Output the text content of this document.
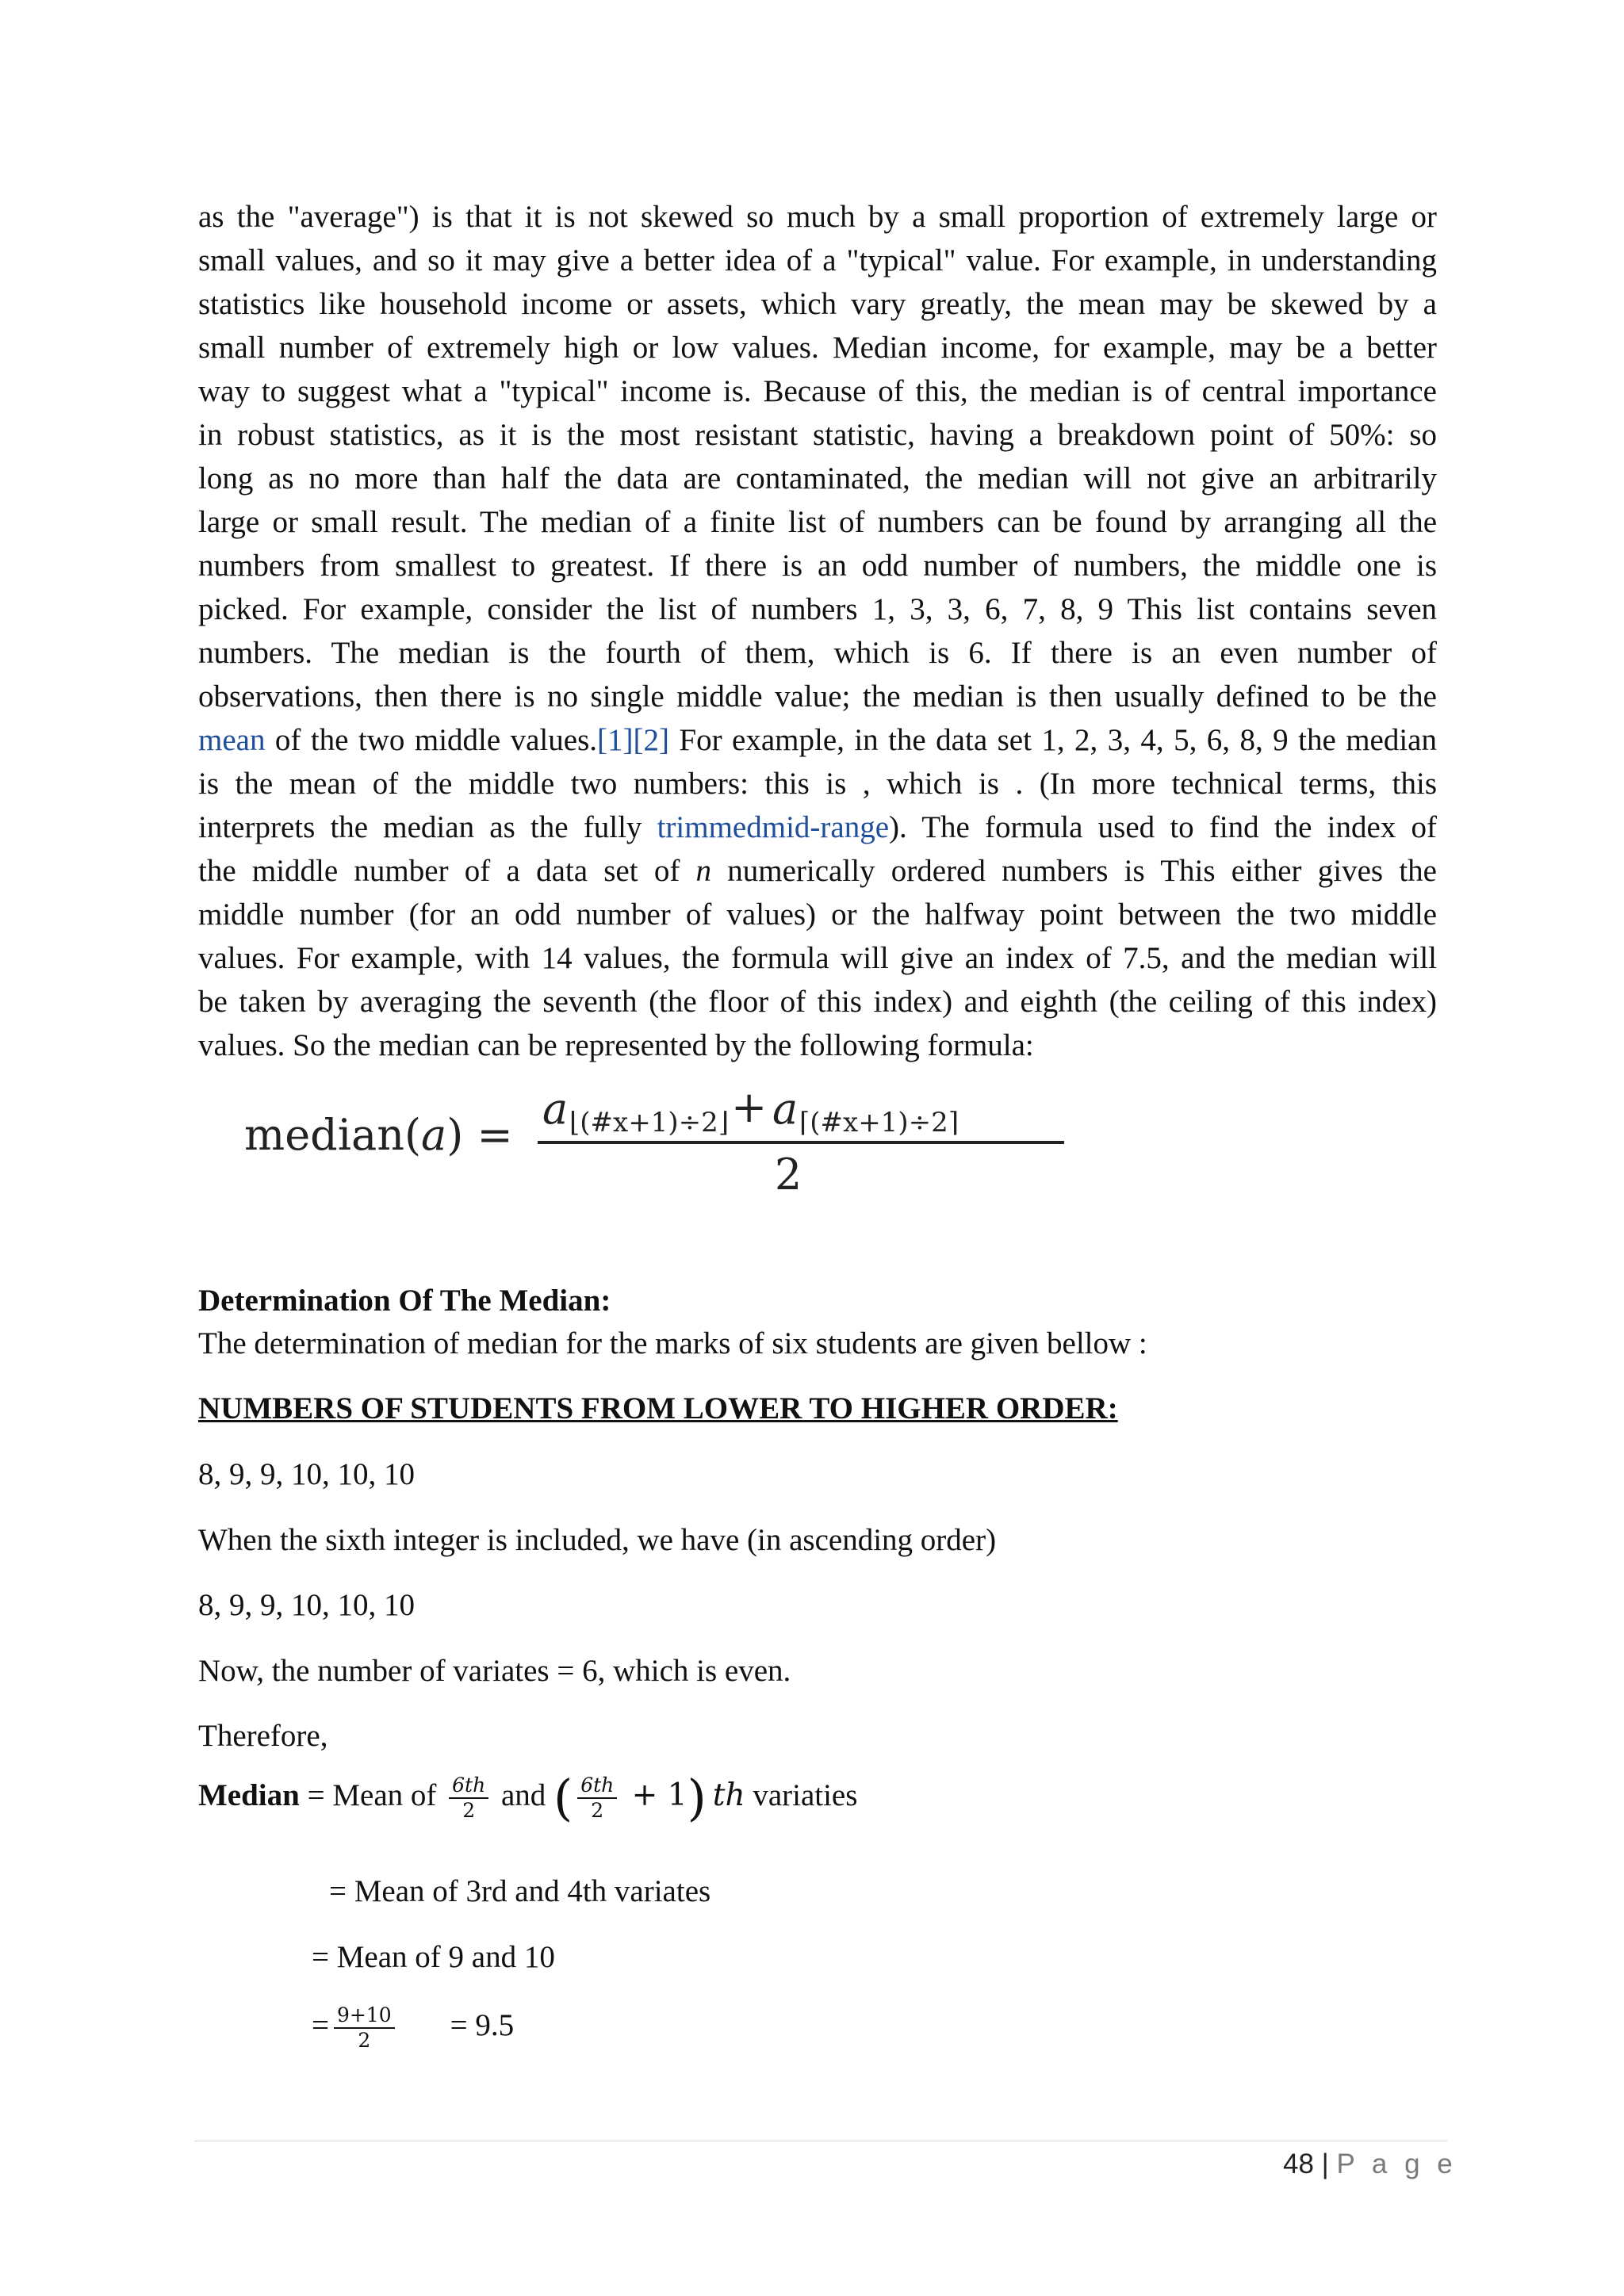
as the "average") is that it is not skewed so much by a small proportion of extremely large or
small values, and so it may give a better idea of a "typical" value. For example, in understanding
statistics like household income or assets, which vary greatly, the mean may be skewed by a
small number of extremely high or low values. Median income, for example, may be a better
way to suggest what a "typical" income is. Because of this, the median is of central importance
in robust statistics, as it is the most resistant statistic, having a breakdown point of 50%: so
long as no more than half the data are contaminated, the median will not give an arbitrarily
large or small result. The median of a finite list of numbers can be found by arranging all the
numbers from smallest to greatest. If there is an odd number of numbers, the middle one is
picked. For example, consider the list of numbers 1, 3, 3, 6, 7, 8, 9 This list contains seven
numbers. The median is the fourth of them, which is 6. If there is an even number of
observations, then there is no single middle value; the median is then usually defined to be the
mean of the two middle values.[1][2] For example, in the data set 1, 2, 3, 4, 5, 6, 8, 9 the median
is the mean of the middle two numbers: this is , which is . (In more technical terms, this
interprets the median as the fully trimmedmid-range). The formula used to find the index of
the middle number of a data set of n numerically ordered numbers is This either gives the
middle number (for an odd number of values) or the halfway point between the two middle
values. For example, with 14 values, the formula will give an index of 7.5, and the median will
be taken by averaging the seventh (the floor of this index) and eighth (the ceiling of this index)
values. So the median can be represented by the following formula:
median(a) =
a ⌊(#x+1)÷2⌋ + a ⌈(#x+1)÷2⌉
2
Determination Of The Median:
The determination of median for the marks of six students are given bellow :
NUMBERS OF STUDENTS FROM LOWER TO HIGHER ORDER:
8, 9, 9, 10, 10, 10
When the sixth integer is included, we have (in ascending order)
8, 9, 9, 10, 10, 10
Now, the number of variates = 6, which is even.
Therefore,
Median = Mean of $\frac{6th}{2}$ and ( $\frac{6th}{2} + 1$) th variaties
= Mean of 3rd and 4th variates
= Mean of 9 and 10
= $\frac{9+10}{2} = 9.5$
48 | P a g e
